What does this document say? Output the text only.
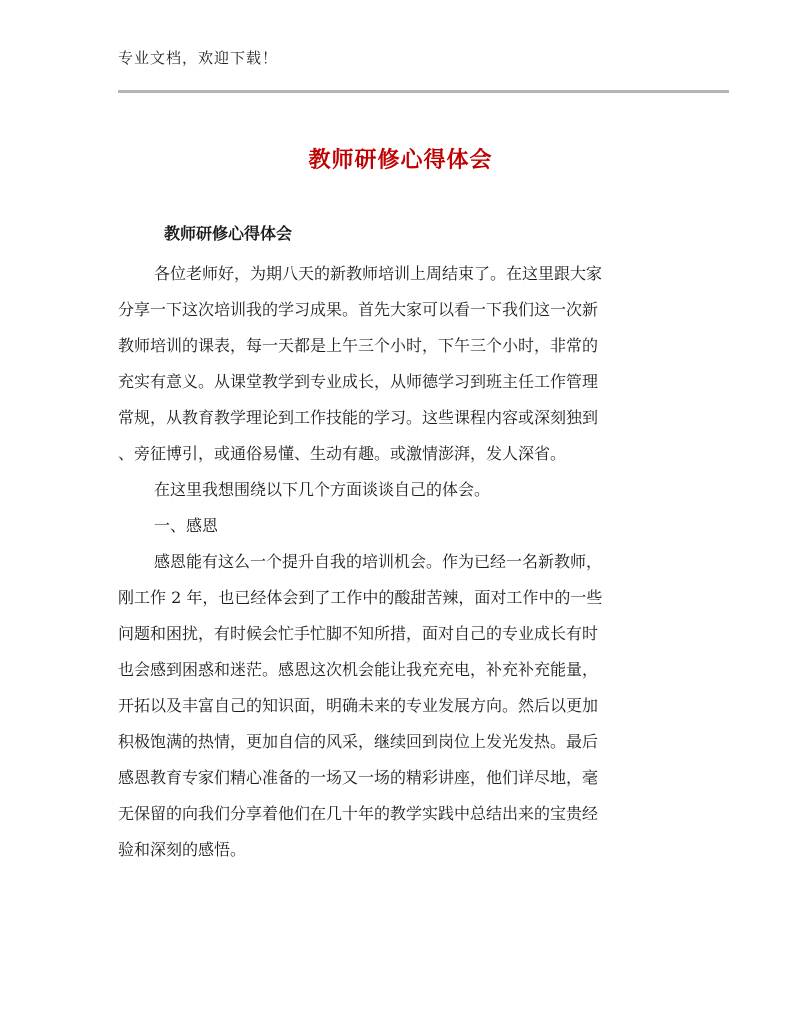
专业文档，欢迎下载！
教师研修心得体会
教师研修心得体会
各位老师好，为期八天的新教师培训上周结束了。在这里跟大家
分享一下这次培训我的学习成果。首先大家可以看一下我们这一次新
教师培训的课表，每一天都是上午三个小时，下午三个小时，非常的
充实有意义。从课堂教学到专业成长，从师德学习到班主任工作管理
常规，从教育教学理论到工作技能的学习。这些课程内容或深刻独到
、旁征博引，或通俗易懂、生动有趣。或激情澎湃，发人深省。
在这里我想围绕以下几个方面谈谈自己的体会。
一、感恩
感恩能有这么一个提升自我的培训机会。作为已经一名新教师，
刚工作 2 年，也已经体会到了工作中的酸甜苦辣，面对工作中的一些
问题和困扰，有时候会忙手忙脚不知所措，面对自己的专业成长有时
也会感到困惑和迷茫。感恩这次机会能让我充充电，补充补充能量，
开拓以及丰富自己的知识面，明确未来的专业发展方向。然后以更加
积极饱满的热情，更加自信的风采，继续回到岗位上发光发热。最后
感恩教育专家们精心准备的一场又一场的精彩讲座，他们详尽地，毫
无保留的向我们分享着他们在几十年的教学实践中总结出来的宝贵经
验和深刻的感悟。
